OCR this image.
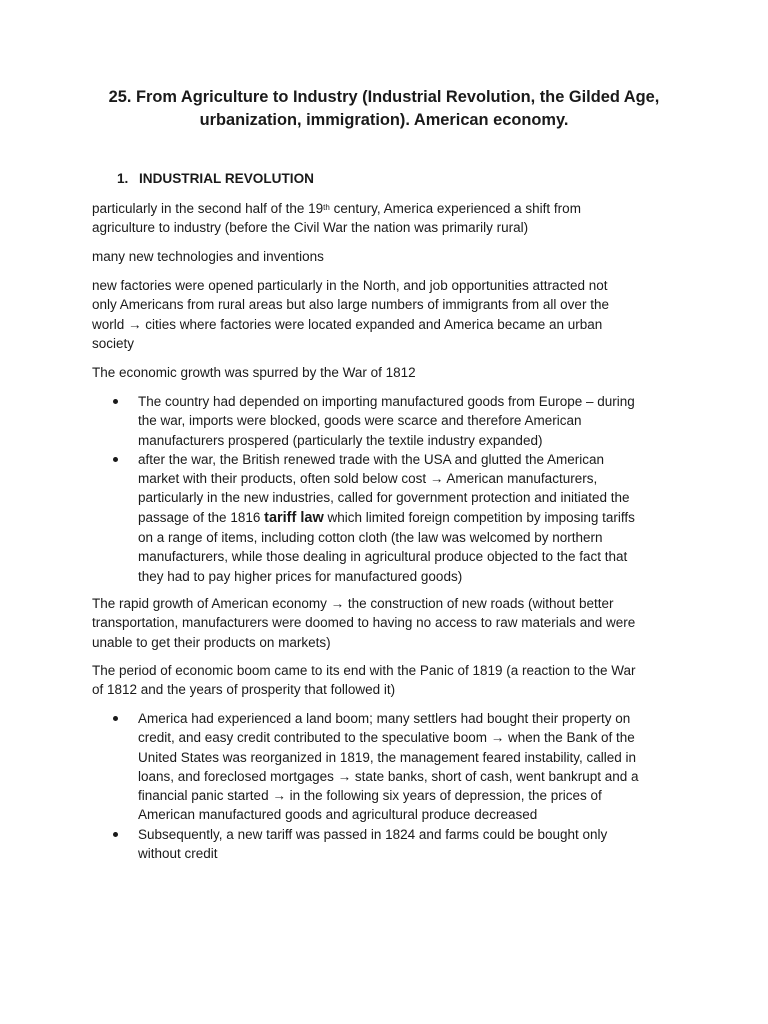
25. From Agriculture to Industry (Industrial Revolution, the Gilded Age,
urbanization, immigration). American economy.
1. INDUSTRIAL REVOLUTION
particularly in the second half of the 19th century, America experienced a shift from
agriculture to industry (before the Civil War the nation was primarily rural)
many new technologies and inventions
new factories were opened particularly in the North, and job opportunities attracted not
only Americans from rural areas but also large numbers of immigrants from all over the
world → cities where factories were located expanded and America became an urban
society
The economic growth was spurred by the War of 1812
The country had depended on importing manufactured goods from Europe – during
the war, imports were blocked, goods were scarce and therefore American
manufacturers prospered (particularly the textile industry expanded)
after the war, the British renewed trade with the USA and glutted the American
market with their products, often sold below cost → American manufacturers,
particularly in the new industries, called for government protection and initiated the
passage of the 1816 tariff law which limited foreign competition by imposing tariffs
on a range of items, including cotton cloth (the law was welcomed by northern
manufacturers, while those dealing in agricultural produce objected to the fact that
they had to pay higher prices for manufactured goods)
The rapid growth of American economy → the construction of new roads (without better
transportation, manufacturers were doomed to having no access to raw materials and were
unable to get their products on markets)
The period of economic boom came to its end with the Panic of 1819 (a reaction to the War
of 1812 and the years of prosperity that followed it)
America had experienced a land boom; many settlers had bought their property on
credit, and easy credit contributed to the speculative boom → when the Bank of the
United States was reorganized in 1819, the management feared instability, called in
loans, and foreclosed mortgages → state banks, short of cash, went bankrupt and a
financial panic started → in the following six years of depression, the prices of
American manufactured goods and agricultural produce decreased
Subsequently, a new tariff was passed in 1824 and farms could be bought only
without credit
